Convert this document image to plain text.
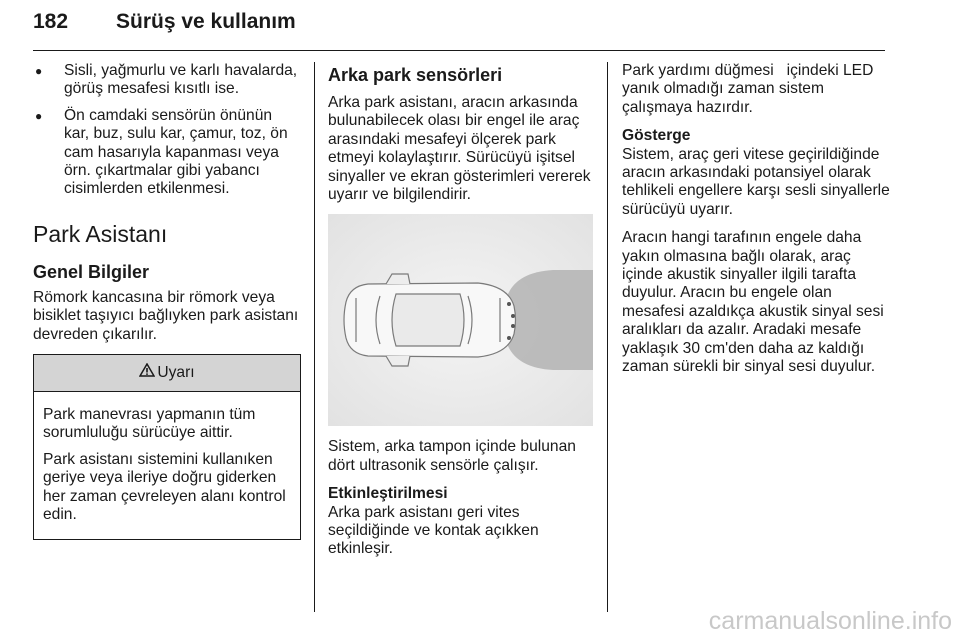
182 Sürüş ve kullanım
● Sisli, yağmurlu ve karlı havalarda, görüş mesafesi kısıtlı ise.
● Ön camdaki sensörün önünün kar, buz, sulu kar, çamur, toz, ön cam hasarıyla kapanması veya örn. çıkartmalar gibi yabancı cisimlerden etkilenmesi.
Park Asistanı
Genel Bilgiler

Römork kancasına bir römork veya bisiklet taşıyıcı bağlıyken park asistanı devreden çıkarılır.

Uyarı

Park manevrası yapmanın tüm sorumluluğu sürücüye aittir.

Park asistanı sistemini kullanıken geriye veya ileriye doğru giderken her zaman çevreleyen alanı kontrol edin.

Arka park sensörleri

Arka park asistanı, aracın arkasında bulunabilecek olası bir engel ile araç arasındaki mesafeyi ölçerek park etmeyi kolaylaştırır. Sürücüyü işitsel sinyaller ve ekran gösterimleri vererek uyarır ve bilgilendirir.

Sistem, arka tampon içinde bulunan dört ultrasonik sensörle çalışır.

Etkinleştirilmesi

Arka park asistanı geri vites seçildiğinde ve kontak açıkken etkinleşir.

Park yardımı düğmesi   içindeki LED yanık olmadığı zaman sistem çalışmaya hazırdır.

Gösterge

Sistem, araç geri vitese geçirildiğinde aracın arkasındaki potansiyel olarak tehlikeli engellere karşı sesli sinyallerle sürücüyü uyarır.

Aracın hangi tarafının engele daha yakın olmasına bağlı olarak, araç içinde akustik sinyaller ilgili tarafta duyulur. Aracın bu engele olan mesafesi azaldıkça akustik sinyal sesi aralıkları da azalır. Aradaki mesafe yaklaşık 30 cm'den daha az kaldığı zaman sürekli bir sinyal sesi duyulur.

carmanualsonline.info
